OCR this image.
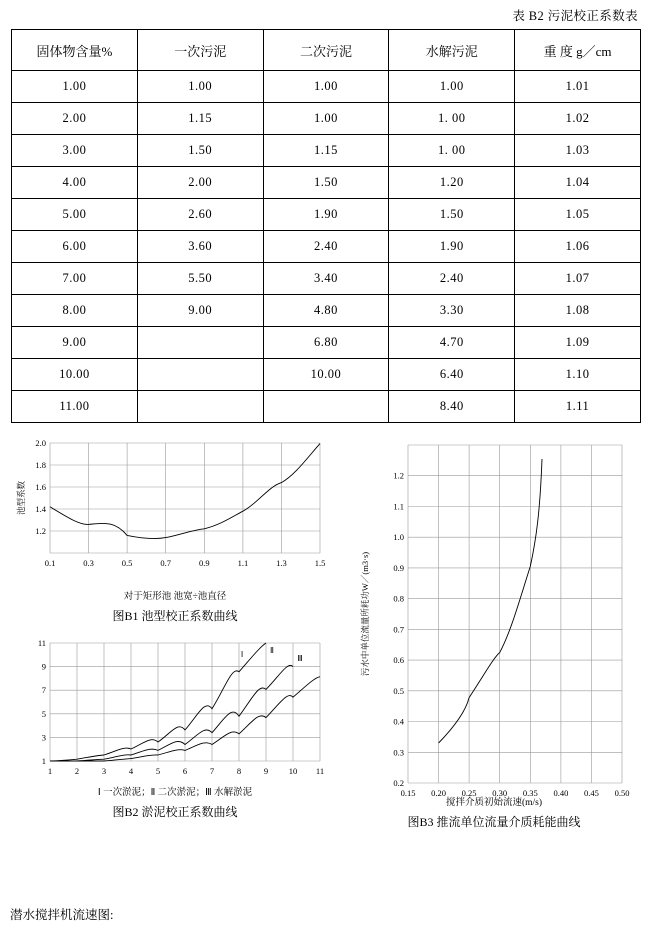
表 B2 污泥校正系数表
固体物含量%	一次污泥	二次污泥	水解污泥	重 度 g／cm
1.00	1.00	1.00	1.00	1.01
2.00	1.15	1.00	1. 00	1.02
3.00	1.50	1.15	1. 00	1.03
4.00	2.00	1.50	1.20	1.04
5.00	2.60	1.90	1.50	1.05
6.00	3.60	2.40	1.90	1.06
7.00	5.50	3.40	2.40	1.07
8.00	9.00	4.80	3.30	1.08
9.00		6.80	4.70	1.09
10.00		10.00	6.40	1.10
11.00			8.40	1.11
2.0
1.8
1.6
1.4
1.2
0.1	0.3	0.5	0.7	0.9	1.1	1.3	1.5
池型系数
对于矩形池 池宽÷池直径
图B1 池型校正系数曲线
11
9
7
5
3
1
1	2	3	4	5	6	7	8	9 10 11
Ⅰ	Ⅱ
Ⅲ
Ⅰ 一次淤泥；Ⅱ 二次淤泥；Ⅲ 水解淤泥
图B2 淤泥校正系数曲线
0.2
0.3
0.4
0.5
0.6
0.7
0.8
0.9
1.0
1.1
1.2
0.15 0.20 0.25 0.30 0.35 0.40 0.45 0.50
污水中单位流量所耗功W／(m3·s)
搅拌介质初始流速(m/s)
图B3 推流单位流量介质耗能曲线
潜水搅拌机流速图:
